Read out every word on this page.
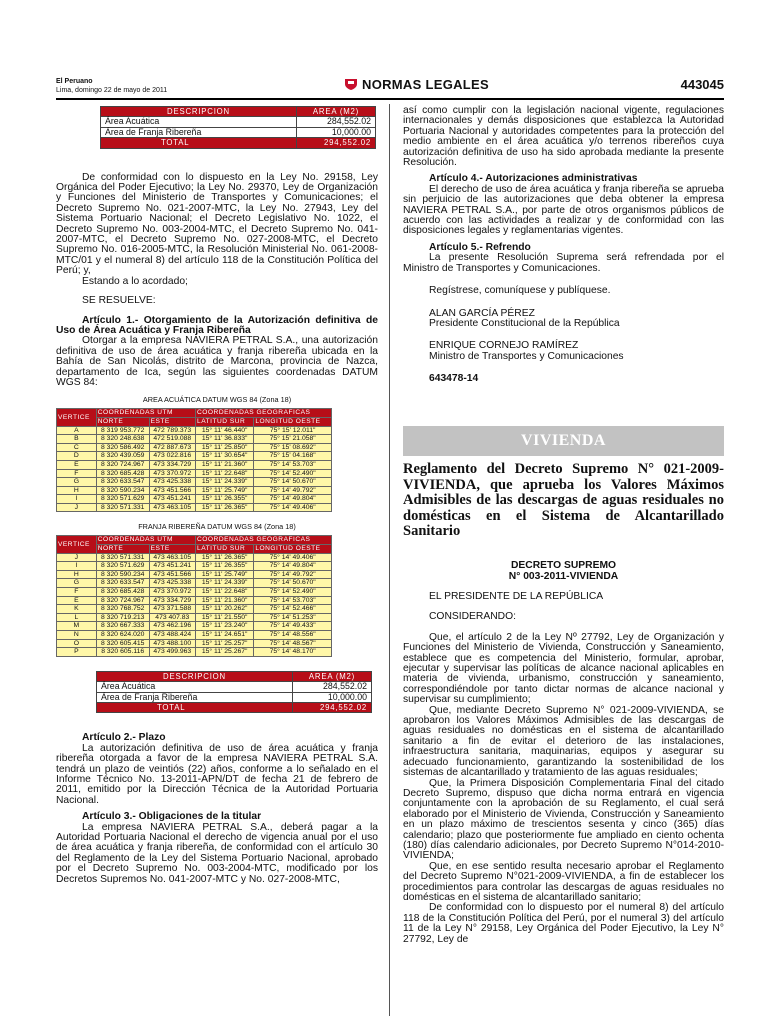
El Peruano
Lima, domingo 22 de mayo de 2011	NORMAS LEGALES	443045
DESCRIPCION	AREA (M2)
Área Acuática	284,552.02
Área de Franja Ribereña	10,000.00
TOTAL	294,552.02

De conformidad con lo dispuesto en la Ley No. 29158, Ley Orgánica del Poder Ejecutivo; la Ley No. 29370, Ley de Organización y Funciones del Ministerio de Transportes y Comunicaciones; el Decreto Supremo No. 021-2007-MTC, la Ley No. 27943, Ley del Sistema Portuario Nacional; el Decreto Legislativo No. 1022, el Decreto Supremo No. 003-2004-MTC, el Decreto Supremo No. 041-2007-MTC, el Decreto Supremo No. 027-2008-MTC, el Decreto Supremo No. 016-2005-MTC, la Resolución Ministerial No. 061-2008-MTC/01 y el numeral 8) del artículo 118 de la Constitución Política del Perú; y,

Estando a lo acordado;

SE RESUELVE:

Artículo 1.- Otorgamiento de la Autorización definitiva de Uso de Área Acuática y Franja Ribereña

Otorgar a la empresa NAVIERA PETRAL S.A., una autorización definitiva de uso de área acuática y franja ribereña ubicada en la Bahía de San Nicolás, distrito de Marcona, provincia de Nazca, departamento de Ica, según las siguientes coordenadas DATUM WGS 84:

AREA ACUÁTICA DATUM WGS 84 (Zona 18)

VERTICE	COORDENADAS UTM		COORDENADAS GEOGRAFICAS	
	NORTE	ESTE	LATITUD SUR	LONGITUD OESTE
A	8 319 953.772	472 789.373	15° 11' 46.440"	75° 15' 12.011"
B	8 320 248.638	472 519.088	15° 11' 36.833"	75° 15' 21.058"
C	8 320 586.492	472 887.673	15° 11' 25.850"	75° 15' 08.692"
D	8 320 439.059	473 022.816	15° 11' 30.654"	75° 15' 04.168"
E	8 320 724.967	473 334.729	15° 11' 21.360"	75° 14' 53.703"
F	8 320 685.428	473 370.972	15° 11' 22.648"	75° 14' 52.490"
G	8 320 633.547	473 425.338	15° 11' 24.339"	75° 14' 50.670"
H	8 320 590.234	473 451.566	15° 11' 25.749"	75° 14' 49.792"
I	8 320 571.629	473 451.241	15° 11' 26.355"	75° 14' 49.804"
J	8 320 571.331	473 463.105	15° 11' 26.365"	75° 14' 49.406"

FRANJA RIBEREÑA DATUM WGS 84 (Zona 18)

VERTICE	COORDENADAS UTM		COORDENADAS GEOGRAFICAS	
	NORTE	ESTE	LATITUD SUR	LONGITUD OESTE
J	8 320 571.331	473 463.105	15° 11' 26.365"	75° 14' 49.406"
I	8 320 571.629	473 451.241	15° 11' 26.355"	75° 14' 49.804"
H	8 320 590.234	473 451.566	15° 11' 25.749"	75° 14' 49.792"
G	8 320 633.547	473 425.338	15° 11' 24.339"	75° 14' 50.670"
F	8 320 685.428	473 370.972	15° 11' 22.648"	75° 14' 52.490"
E	8 320 724.967	473 334.729	15° 11' 21.360"	75° 14' 53.703"
K	8 320 768.752	473 371.588	15° 11' 20.262"	75° 14' 52.466"
L	8 320 719.213	473 407.83	15° 11' 21.550"	75° 14' 51.253"
M	8 320 667.333	473 462.196	15° 11' 23.240"	75° 14' 49.433"
N	8 320 624.020	473 488.424	15° 11' 24.651"	75° 14' 48.556"
O	8 320 605.415	473 488.100	15° 11' 25.257"	75° 14' 48.567"
P	8 320 605.116	473 499.963	15° 11' 25.267"	75° 14' 48.170"
DESCRIPCION	AREA (M2)
Área Acuática	284,552.02
Área de Franja Ribereña	10,000.00
TOTAL	294,552.02

Artículo 2.- Plazo

La autorización definitiva de uso de área acuática y franja ribereña otorgada a favor de la empresa NAVIERA PETRAL S.A. tendrá un plazo de veintiós (22) años, conforme a lo señalado en el Informe Técnico No. 13-2011-APN/DT de fecha 21 de febrero de 2011, emitido por la Dirección Técnica de la Autoridad Portuaria Nacional.

Artículo 3.- Obligaciones de la titular

La empresa NAVIERA PETRAL S.A., deberá pagar a la Autoridad Portuaria Nacional el derecho de vigencia anual por el uso de área acuática y franja ribereña, de conformidad con el artículo 30 del Reglamento de la Ley del Sistema Portuario Nacional, aprobado por el Decreto Supremo No. 003-2004-MTC, modificado por los Decretos Supremos No. 041-2007-MTC y No. 027-2008-MTC,

así como cumplir con la legislación nacional vigente, regulaciones internacionales y demás disposiciones que establezca la Autoridad Portuaria Nacional y autoridades competentes para la protección del medio ambiente en el área acuática y/o terrenos ribereños cuya autorización definitiva de uso ha sido aprobada mediante la presente Resolución.

Artículo 4.- Autorizaciones administrativas

El derecho de uso de área acuática y franja ribereña se aprueba sin perjuicio de las autorizaciones que deba obtener la empresa NAVIERA PETRAL S.A., por parte de otros organismos públicos de acuerdo con las actividades a realizar y de conformidad con las disposiciones legales y reglamentarias vigentes.

Artículo 5.- Refrendo

La presente Resolución Suprema será refrendada por el Ministro de Transportes y Comunicaciones.

Regístrese, comuníquese y publíquese.

ALAN GARCÍA PÉREZ

Presidente Constitucional de la República

ENRIQUE CORNEJO RAMÍREZ

Ministro de Transportes y Comunicaciones

643478-14

VIVIENDA
Reglamento del Decreto Supremo N° 021-2009-VIVIENDA, que aprueba los Valores Máximos Admisibles de las descargas de aguas residuales no domésticas en el Sistema de Alcantarillado Sanitario
DECRETO SUPREMO
N° 003-2011-VIVIENDA

EL PRESIDENTE DE LA REPÚBLICA

CONSIDERANDO:

Que, el artículo 2 de la Ley Nº 27792, Ley de Organización y Funciones del Ministerio de Vivienda, Construcción y Saneamiento, establece que es competencia del Ministerio, formular, aprobar, ejecutar y supervisar las políticas de alcance nacional aplicables en materia de vivienda, urbanismo, construcción y saneamiento, correspondiéndole por tanto dictar normas de alcance nacional y supervisar su cumplimiento;

Que, mediante Decreto Supremo N° 021-2009-VIVIENDA, se aprobaron los Valores Máximos Admisibles de las descargas de aguas residuales no domésticas en el sistema de alcantarillado sanitario a fin de evitar el deterioro de las instalaciones, infraestructura sanitaria, maquinarias, equipos y asegurar su adecuado funcionamiento, garantizando la sostenibilidad de los sistemas de alcantarillado y tratamiento de las aguas residuales;

Que, la Primera Disposición Complementaria Final del citado Decreto Supremo, dispuso que dicha norma entrará en vigencia conjuntamente con la aprobación de su Reglamento, el cual será elaborado por el Ministerio de Vivienda, Construcción y Saneamiento en un plazo máximo de trescientos sesenta y cinco (365) días calendario; plazo que posteriormente fue ampliado en ciento ochenta (180) días calendario adicionales, por Decreto Supremo N°014-2010-VIVIENDA;

Que, en ese sentido resulta necesario aprobar el Reglamento del Decreto Supremo N°021-2009-VIVIENDA, a fin de establecer los procedimientos para controlar las descargas de aguas residuales no domésticas en el sistema de alcantarillado sanitario;

De conformidad con lo dispuesto por el numeral 8) del artículo 118 de la Constitución Política del Perú, por el numeral 3) del artículo 11 de la Ley N° 29158, Ley Orgánica del Poder Ejecutivo, la Ley N° 27792, Ley de
